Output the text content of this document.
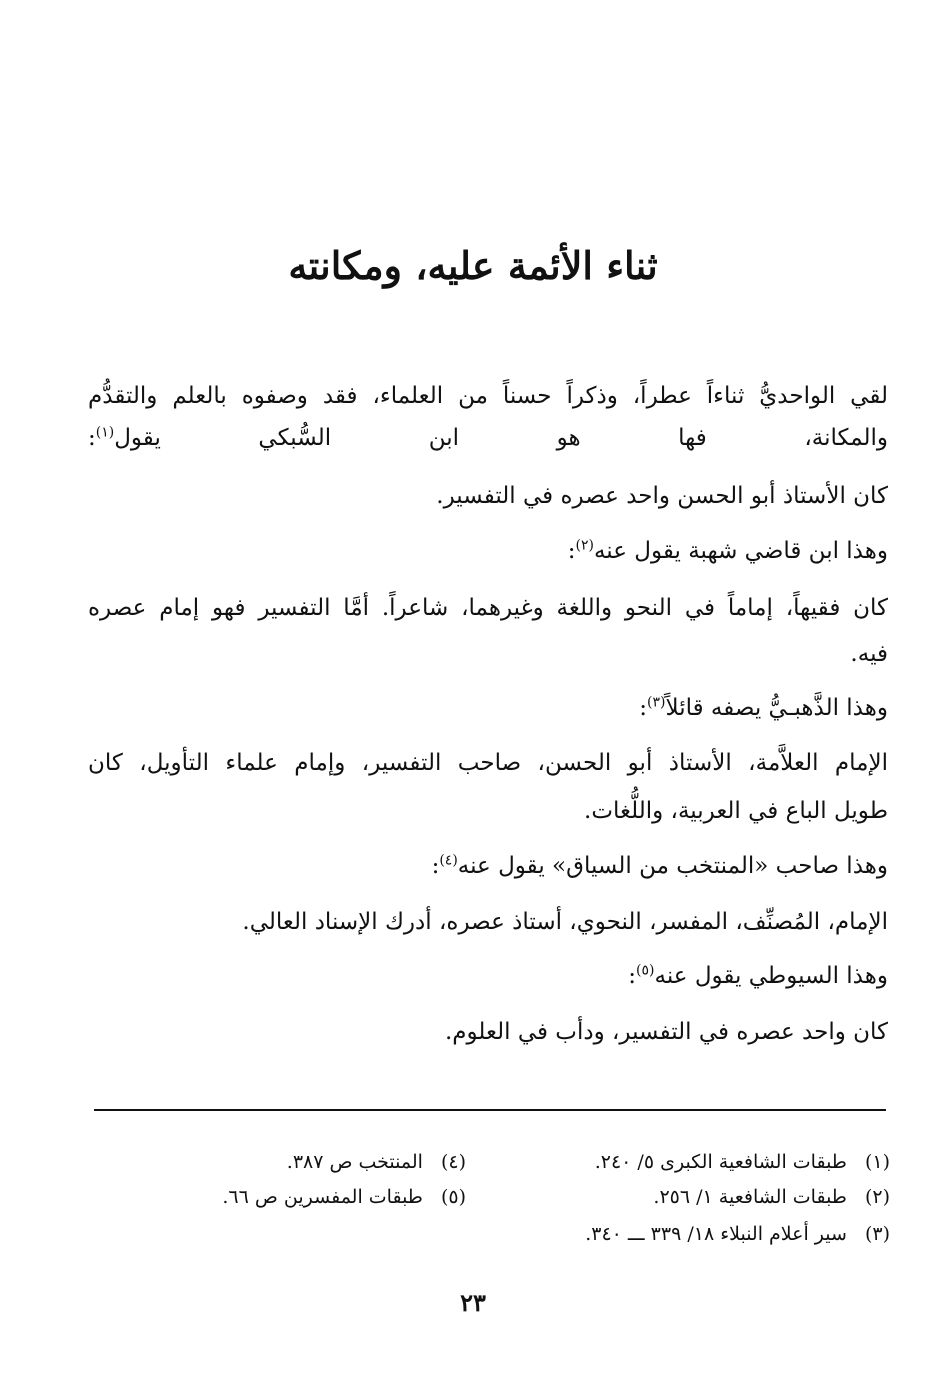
ثناء الأئمة عليه، ومكانته
لقي الواحديُّ ثناءاً عطراً، وذكراً حسناً من العلماء، فقد وصفوه بالعلم والتقدُّم
والمكانة، فها هو ابن السُّبكي يقول$^{(١)}$:
كان الأستاذ أبو الحسن واحد عصره في التفسير.
وهذا ابن قاضي شهبة يقول عنه$^{(٢)}$:
كان فقيهاً، إماماً في النحو واللغة وغيرهما، شاعراً. أمَّا التفسير فهو إمام عصره
فيه.
وهذا الذَّهبـيُّ يصفه قائلاً$^{(٣)}$:
الإمام العلاَّمة، الأستاذ أبو الحسن، صاحب التفسير، وإمام علماء التأويل، كان
طويل الباع في العربية، واللُّغات.
وهذا صاحب «المنتخب من السياق» يقول عنه$^{(٤)}$:
الإمام، المُصنِّف، المفسر، النحوي، أستاذ عصره، أدرك الإسناد العالي.
وهذا السيوطي يقول عنه$^{(٥)}$:
كان واحد عصره في التفسير، ودأب في العلوم.
(١)طبقات الشافعية الكبرى ٥/ ٢٤٠.
(٢)طبقات الشافعية ١/ ٢٥٦.
(٣)سير أعلام النبلاء ١٨/ ٣٣٩ ـــ ٣٤٠.
(٤)المنتخب ص ٣٨٧.
(٥)طبقات المفسرين ص ٦٦.
٢٣
